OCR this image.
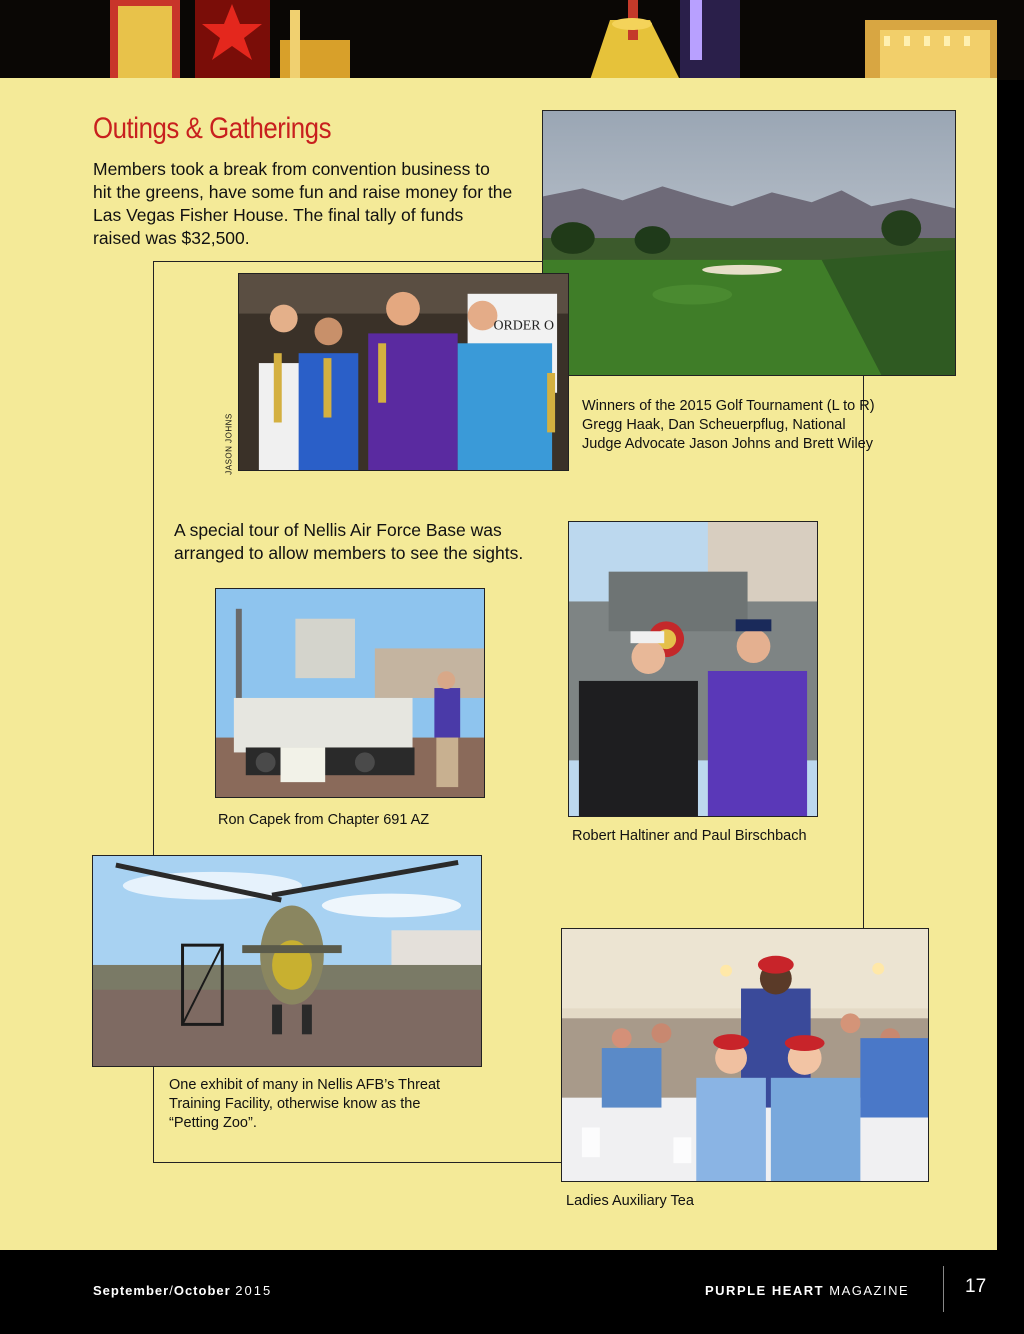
Outings & Gatherings

Members took a break from convention business to hit the greens, have some fun and raise money for the Las Vegas Fisher House. The final tally of funds raised was $32,500.

ORDER O
JASON JOHNS

Winners of the 2015 Golf Tournament (L to R) Gregg Haak, Dan Scheuerpflug, National Judge Advocate Jason Johns and Brett Wiley

A special tour of Nellis Air Force Base was arranged to allow members to see the sights.

Ron Capek from Chapter 691 AZ

Robert Haltiner and Paul Birschbach

One exhibit of many in Nellis AFB’s Threat Training Facility, otherwise know as the “Petting Zoo”.

Ladies Auxiliary Tea

September/October 2015	PURPLE HEART MAGAZINE	17
